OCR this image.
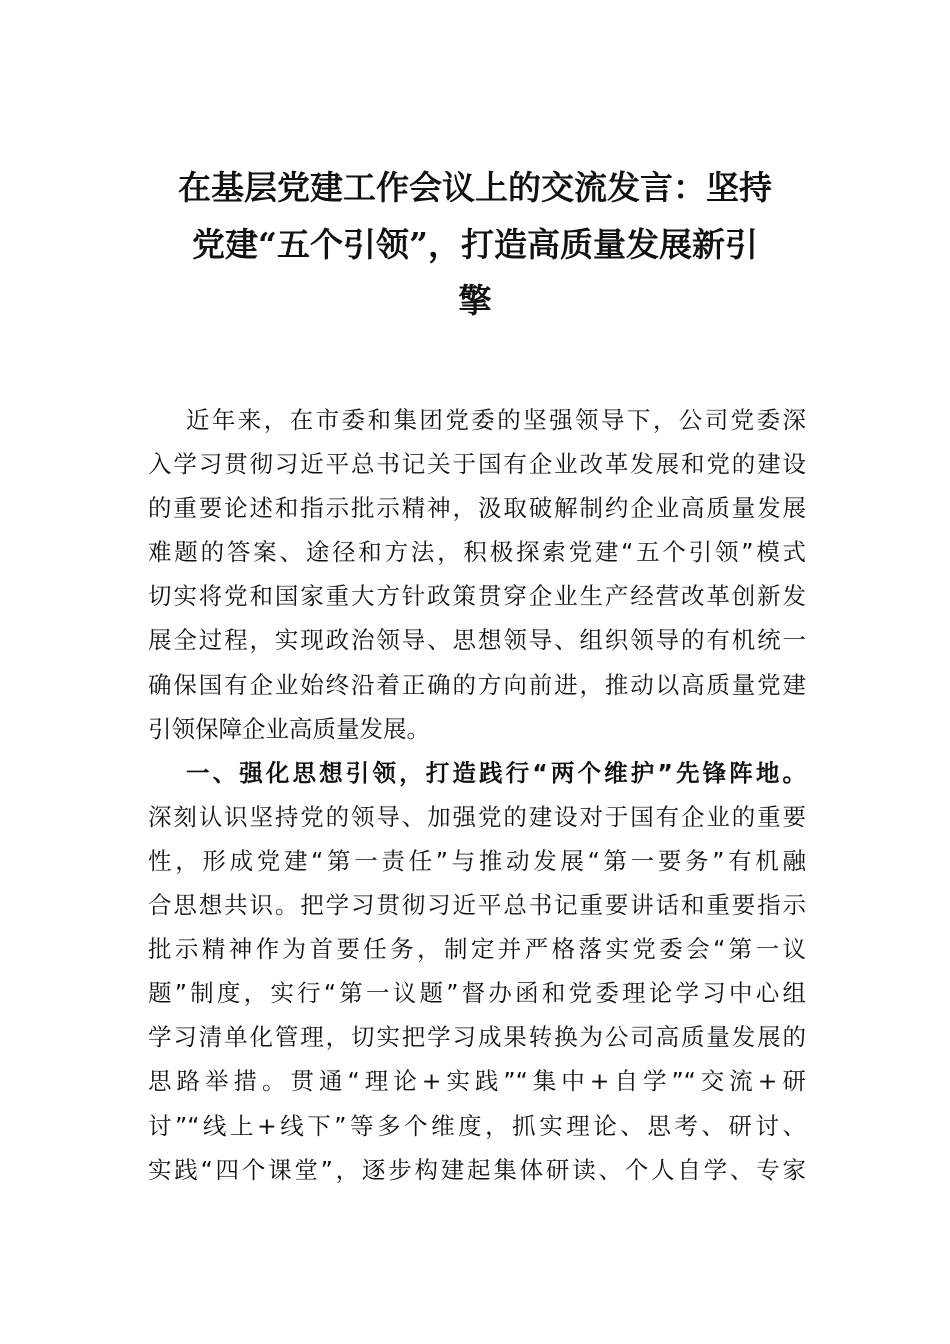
在基层党建工作会议上的交流发言：坚持
党建“五个引领”，打造高质量发展新引
擎
近年来，在市委和集团党委的坚强领导下，公司党委深
入学习贯彻习近平总书记关于国有企业改革发展和党的建设
的重要论述和指示批示精神，汲取破解制约企业高质量发展
难题的答案、途径和方法，积极探索党建“五个引领”模式
切实将党和国家重大方针政策贯穿企业生产经营改革创新发
展全过程，实现政治领导、思想领导、组织领导的有机统一
确保国有企业始终沿着正确的方向前进，推动以高质量党建
引领保障企业高质量发展。
一、强化思想引领，打造践行“两个维护”先锋阵地。
深刻认识坚持党的领导、加强党的建设对于国有企业的重要
性，形成党建“第一责任”与推动发展“第一要务”有机融
合思想共识。把学习贯彻习近平总书记重要讲话和重要指示
批示精神作为首要任务，制定并严格落实党委会“第一议
题”制度，实行“第一议题”督办函和党委理论学习中心组
学习清单化管理，切实把学习成果转换为公司高质量发展的
思路举措。贯通“理论+实践”“集中+自学”“交流+研
讨”“线上+线下”等多个维度，抓实理论、思考、研讨、
实践“四个课堂”，逐步构建起集体研读、个人自学、专家
